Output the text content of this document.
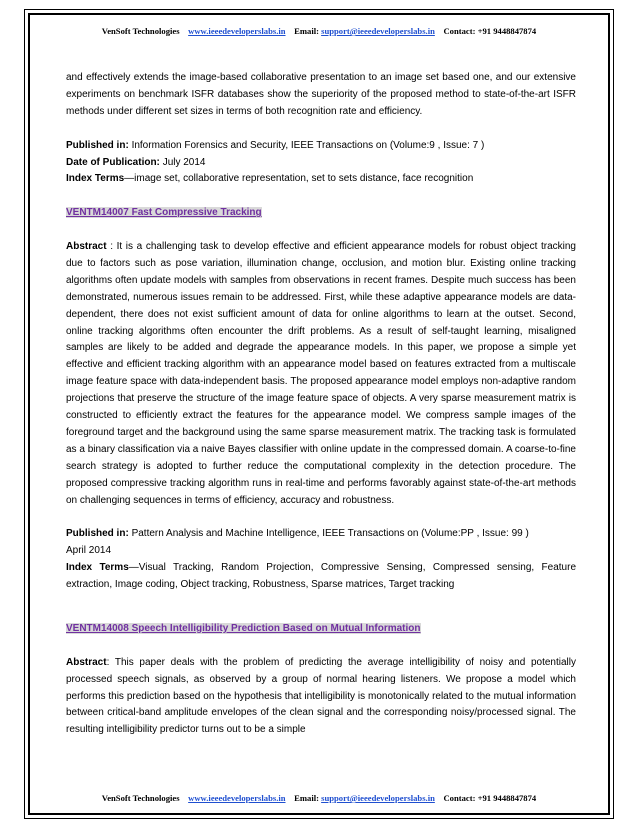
VenSoft Technologies www.ieeedeveloperslabs.in Email: support@ieeedeveloperslabs.in Contact: +91 9448847874

and effectively extends the image-based collaborative presentation to an image set based one, and our extensive experiments on benchmark ISFR databases show the superiority of the proposed method to state-of-the-art ISFR methods under different set sizes in terms of both recognition rate and efficiency.

Published in: Information Forensics and Security, IEEE Transactions on (Volume:9 , Issue: 7 )

Date of Publication: July 2014

Index Terms—image set, collaborative representation, set to sets distance, face recognition

VENTM14007 Fast Compressive Tracking

Abstract : It is a challenging task to develop effective and efficient appearance models for robust object tracking due to factors such as pose variation, illumination change, occlusion, and motion blur. Existing online tracking algorithms often update models with samples from observations in recent frames. Despite much success has been demonstrated, numerous issues remain to be addressed. First, while these adaptive appearance models are data-dependent, there does not exist sufficient amount of data for online algorithms to learn at the outset. Second, online tracking algorithms often encounter the drift problems. As a result of self-taught learning, misaligned samples are likely to be added and degrade the appearance models. In this paper, we propose a simple yet effective and efficient tracking algorithm with an appearance model based on features extracted from a multiscale image feature space with data-independent basis. The proposed appearance model employs non-adaptive random projections that preserve the structure of the image feature space of objects. A very sparse measurement matrix is constructed to efficiently extract the features for the appearance model. We compress sample images of the foreground target and the background using the same sparse measurement matrix. The tracking task is formulated as a binary classification via a naive Bayes classifier with online update in the compressed domain. A coarse-to-fine search strategy is adopted to further reduce the computational complexity in the detection procedure. The proposed compressive tracking algorithm runs in real-time and performs favorably against state-of-the-art methods on challenging sequences in terms of efficiency, accuracy and robustness.

Published in: Pattern Analysis and Machine Intelligence, IEEE Transactions on (Volume:PP , Issue: 99 )

April 2014

Index Terms—Visual Tracking, Random Projection, Compressive Sensing, Compressed sensing, Feature extraction, Image coding, Object tracking, Robustness, Sparse matrices, Target tracking

VENTM14008 Speech Intelligibility Prediction Based on Mutual Information

Abstract: This paper deals with the problem of predicting the average intelligibility of noisy and potentially processed speech signals, as observed by a group of normal hearing listeners. We propose a model which performs this prediction based on the hypothesis that intelligibility is monotonically related to the mutual information between critical-band amplitude envelopes of the clean signal and the corresponding noisy/processed signal. The resulting intelligibility predictor turns out to be a simple

VenSoft Technologies www.ieeedeveloperslabs.in Email: support@ieeedeveloperslabs.in Contact: +91 9448847874
